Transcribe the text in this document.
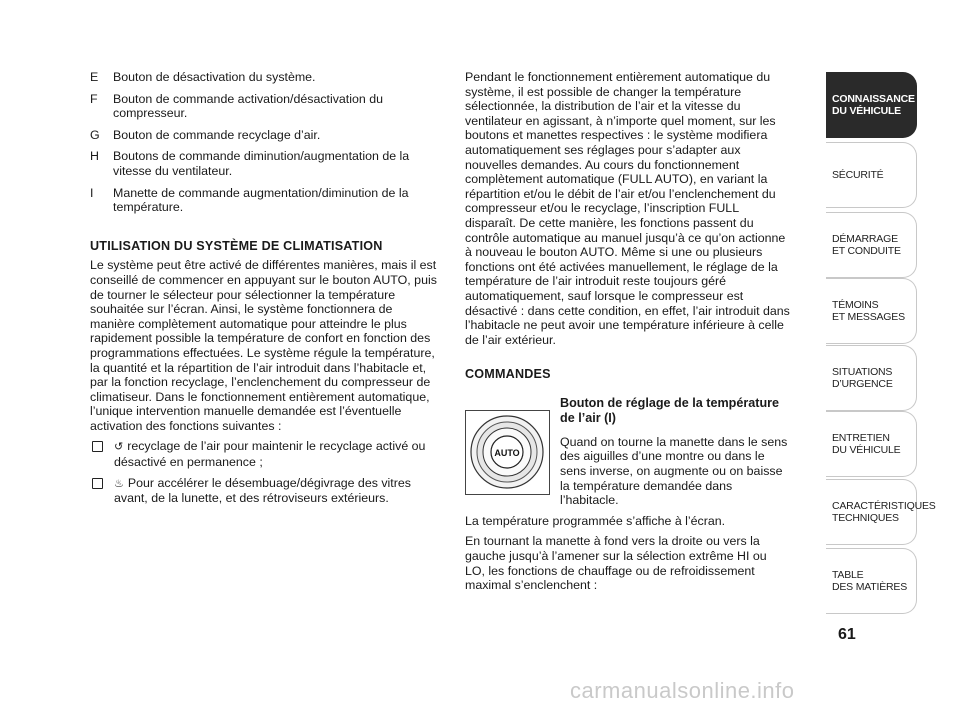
E	Bouton de désactivation du système.
F	Bouton de commande activation/désactivation du compresseur.
G	Bouton de commande recyclage d’air.
H	Boutons de commande diminution/augmentation de la vitesse du ventilateur.
I	Manette de commande augmentation/diminution de la température.
UTILISATION DU SYSTÈME DE CLIMATISATION

Le système peut être activé de différentes manières, mais il est conseillé de commencer en appuyant sur le bouton AUTO, puis de tourner le sélecteur pour sélectionner la température souhaitée sur l’écran. Ainsi, le système fonctionnera de manière complètement automatique pour atteindre le plus rapidement possible la température de confort en fonction des programmations effectuées. Le système régule la température, la quantité et la répartition de l’air introduit dans l’habitacle et, par la fonction recyclage, l’enclenchement du compresseur de climatiseur. Dans le fonctionnement entièrement automatique, l’unique intervention manuelle demandée est l’éventuelle activation des fonctions suivantes :

↺ recyclage de l’air pour maintenir le recyclage activé ou désactivé en permanence ;
♨ Pour accélérer le désembuage/dégivrage des vitres avant, de la lunette, et des rétroviseurs extérieurs.

Pendant le fonctionnement entièrement automatique du système, il est possible de changer la température sélectionnée, la distribution de l’air et la vitesse du ventilateur en agissant, à n’importe quel moment, sur les boutons et manettes respectives : le système modifiera automatiquement ses réglages pour s’adapter aux nouvelles demandes. Au cours du fonctionnement complètement automatique (FULL AUTO), en variant la répartition et/ou le débit de l’air et/ou l’enclenchement du compresseur et/ou le recyclage, l’inscription FULL disparaît. De cette manière, les fonctions passent du contrôle automatique au manuel jusqu’à ce qu’on actionne à nouveau le bouton AUTO. Même si une ou plusieurs fonctions ont été activées manuellement, le réglage de la température de l’air introduit reste toujours géré automatiquement, sauf lorsque le compresseur est désactivé : dans cette condition, en effet, l’air introduit dans l’habitacle ne peut avoir une température inférieure à celle de l’air extérieur.

COMMANDES
AUTO
Bouton de réglage de la température de l’air (I)

Quand on tourne la manette dans le sens des aiguilles d’une montre ou dans le sens inverse, on augmente ou on baisse la température demandée dans l’habitacle.

La température programmée s’affiche à l’écran.

En tournant la manette à fond vers la droite ou vers la gauche jusqu’à l’amener sur la sélection extrême HI ou LO, les fonctions de chauffage ou de refroidissement maximal s’enclenchent :

CONNAISSANCE
DU VÉHICULE
SÉCURITÉ
DÉMARRAGE
ET CONDUITE
TÉMOINS
ET MESSAGES
SITUATIONS
D’URGENCE
ENTRETIEN
DU VÉHICULE
CARACTÉRISTIQUES
TECHNIQUES
TABLE
DES MATIÈRES
61
carmanualsonline.info
